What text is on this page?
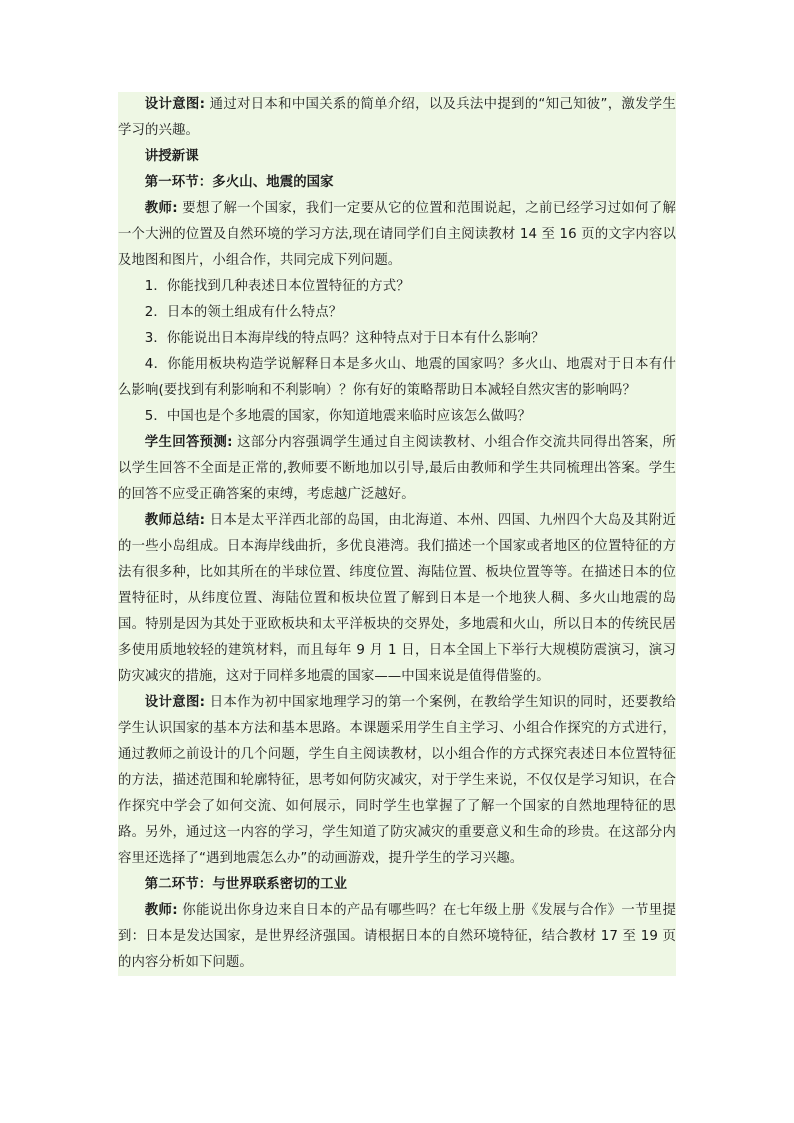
设计意图: 通过对日本和中国关系的简单介绍，以及兵法中提到的“知己知彼”，激发学生学习的兴趣。

讲授新课

第一环节：多火山、地震的国家

教师: 要想了解一个国家，我们一定要从它的位置和范围说起，之前已经学习过如何了解一个大洲的位置及自然环境的学习方法,现在请同学们自主阅读教材 14 至 16 页的文字内容以及地图和图片，小组合作，共同完成下列问题。

1．你能找到几种表述日本位置特征的方式？

2．日本的领土组成有什么特点？

3．你能说出日本海岸线的特点吗？这种特点对于日本有什么影响？

4．你能用板块构造学说解释日本是多火山、地震的国家吗？多火山、地震对于日本有什么影响(要找到有利影响和不利影响）？你有好的策略帮助日本减轻自然灾害的影响吗？

5．中国也是个多地震的国家，你知道地震来临时应该怎么做吗？

学生回答预测: 这部分内容强调学生通过自主阅读教材、小组合作交流共同得出答案，所以学生回答不全面是正常的,教师要不断地加以引导,最后由教师和学生共同梳理出答案。学生的回答不应受正确答案的束缚，考虑越广泛越好。

教师总结: 日本是太平洋西北部的岛国，由北海道、本州、四国、九州四个大岛及其附近的一些小岛组成。日本海岸线曲折，多优良港湾。我们描述一个国家或者地区的位置特征的方法有很多种，比如其所在的半球位置、纬度位置、海陆位置、板块位置等等。在描述日本的位置特征时，从纬度位置、海陆位置和板块位置了解到日本是一个地狭人稠、多火山地震的岛国。特别是因为其处于亚欧板块和太平洋板块的交界处，多地震和火山，所以日本的传统民居多使用质地较轻的建筑材料，而且每年 9 月 1 日，日本全国上下举行大规模防震演习，演习防灾减灾的措施，这对于同样多地震的国家——中国来说是值得借鉴的。

设计意图: 日本作为初中国家地理学习的第一个案例，在教给学生知识的同时，还要教给学生认识国家的基本方法和基本思路。本课题采用学生自主学习、小组合作探究的方式进行，通过教师之前设计的几个问题，学生自主阅读教材，以小组合作的方式探究表述日本位置特征的方法，描述范围和轮廓特征，思考如何防灾减灾，对于学生来说，不仅仅是学习知识，在合作探究中学会了如何交流、如何展示，同时学生也掌握了了解一个国家的自然地理特征的思路。另外，通过这一内容的学习，学生知道了防灾减灾的重要意义和生命的珍贵。在这部分内容里还选择了“遇到地震怎么办”的动画游戏，提升学生的学习兴趣。

第二环节：与世界联系密切的工业

教师: 你能说出你身边来自日本的产品有哪些吗？在七年级上册《发展与合作》一节里提到：日本是发达国家，是世界经济强国。请根据日本的自然环境特征，结合教材 17 至 19 页的内容分析如下问题。
